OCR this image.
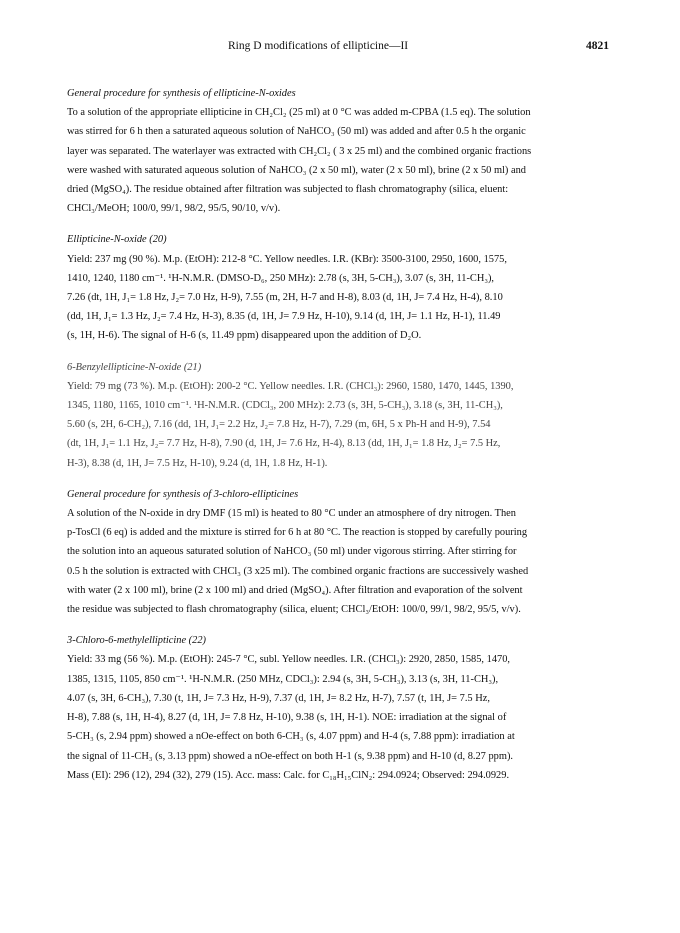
Ring D modifications of ellipticine—II	4821
General procedure for synthesis of ellipticine-N-oxides
To a solution of the appropriate ellipticine in CH₂Cl₂ (25 ml) at 0 °C was added m-CPBA (1.5 eq). The solution
was stirred for 6 h then a saturated aqueous solution of NaHCO₃ (50 ml) was added and after 0.5 h the organic
layer was separated. The waterlayer was extracted with CH₂Cl₂ ( 3 x 25 ml) and the combined organic fractions
were washed with saturated aqueous solution of NaHCO₃ (2 x 50 ml), water (2 x 50 ml), brine (2 x 50 ml) and
dried (MgSO₄). The residue obtained after filtration was subjected to flash chromatography (silica, eluent:
CHCl₃/MeOH; 100/0, 99/1, 98/2, 95/5, 90/10, v/v).
Ellipticine-N-oxide (20)
Yield: 237 mg (90 %). M.p. (EtOH): 212-8 °C. Yellow needles. I.R. (KBr): 3500-3100, 2950, 1600, 1575,
1410, 1240, 1180 cm⁻¹. ¹H-N.M.R. (DMSO-D₆, 250 MHz): 2.78 (s, 3H, 5-CH₃), 3.07 (s, 3H, 11-CH₃),
7.26 (dt, 1H, J₁= 1.8 Hz, J₂= 7.0 Hz, H-9), 7.55 (m, 2H, H-7 and H-8), 8.03 (d, 1H, J= 7.4 Hz, H-4), 8.10
(dd, 1H, J₁= 1.3 Hz, J₂= 7.4 Hz, H-3), 8.35 (d, 1H, J= 7.9 Hz, H-10), 9.14 (d, 1H, J= 1.1 Hz, H-1), 11.49
(s, 1H, H-6). The signal of H-6 (s, 11.49 ppm) disappeared upon the addition of D₂O.
6-Benzylellipticine-N-oxide (21)
Yield: 79 mg (73 %). M.p. (EtOH): 200-2 °C. Yellow needles. I.R. (CHCl₃): 2960, 1580, 1470, 1445, 1390,
1345, 1180, 1165, 1010 cm⁻¹. ¹H-N.M.R. (CDCl₃, 200 MHz): 2.73 (s, 3H, 5-CH₃), 3.18 (s, 3H, 11-CH₃),
5.60 (s, 2H, 6-CH₂), 7.16 (dd, 1H, J₁= 2.2 Hz, J₂= 7.8 Hz, H-7), 7.29 (m, 6H, 5 x Ph-H and H-9), 7.54
(dt, 1H, J₁= 1.1 Hz, J₂= 7.7 Hz, H-8), 7.90 (d, 1H, J= 7.6 Hz, H-4), 8.13 (dd, 1H, J₁= 1.8 Hz, J₂= 7.5 Hz,
H-3), 8.38 (d, 1H, J= 7.5 Hz, H-10), 9.24 (d, 1H, 1.8 Hz, H-1).
General procedure for synthesis of 3-chloro-ellipticines
A solution of the N-oxide in dry DMF (15 ml) is heated to 80 °C under an atmosphere of dry nitrogen. Then
p-TosCl (6 eq) is added and the mixture is stirred for 6 h at 80 °C. The reaction is stopped by carefully pouring
the solution into an aqueous saturated solution of NaHCO₃ (50 ml) under vigorous stirring. After stirring for
0.5 h the solution is extracted with CHCl₃ (3 x25 ml). The combined organic fractions are successively washed
with water (2 x 100 ml), brine (2 x 100 ml) and dried (MgSO₄). After filtration and evaporation of the solvent
the residue was subjected to flash chromatography (silica, eluent; CHCl₃/EtOH: 100/0, 99/1, 98/2, 95/5, v/v).
3-Chloro-6-methylellipticine (22)
Yield: 33 mg (56 %). M.p. (EtOH): 245-7 °C, subl. Yellow needles. I.R. (CHCl₃): 2920, 2850, 1585, 1470,
1385, 1315, 1105, 850 cm⁻¹. ¹H-N.M.R. (250 MHz, CDCl₃): 2.94 (s, 3H, 5-CH₃), 3.13 (s, 3H, 11-CH₃),
4.07 (s, 3H, 6-CH₃), 7.30 (t, 1H, J= 7.3 Hz, H-9), 7.37 (d, 1H, J= 8.2 Hz, H-7), 7.57 (t, 1H, J= 7.5 Hz,
H-8), 7.88 (s, 1H, H-4), 8.27 (d, 1H, J= 7.8 Hz, H-10), 9.38 (s, 1H, H-1). NOE: irradiation at the signal of
5-CH₃ (s, 2.94 ppm) showed a nOe-effect on both 6-CH₃ (s, 4.07 ppm) and H-4 (s, 7.88 ppm): irradiation at
the signal of 11-CH₃ (s, 3.13 ppm) showed a nOe-effect on both H-1 (s, 9.38 ppm) and H-10 (d, 8.27 ppm).
Mass (EI): 296 (12), 294 (32), 279 (15). Acc. mass: Calc. for C₁₈H₁₅ClN₂: 294.0924; Observed: 294.0929.
